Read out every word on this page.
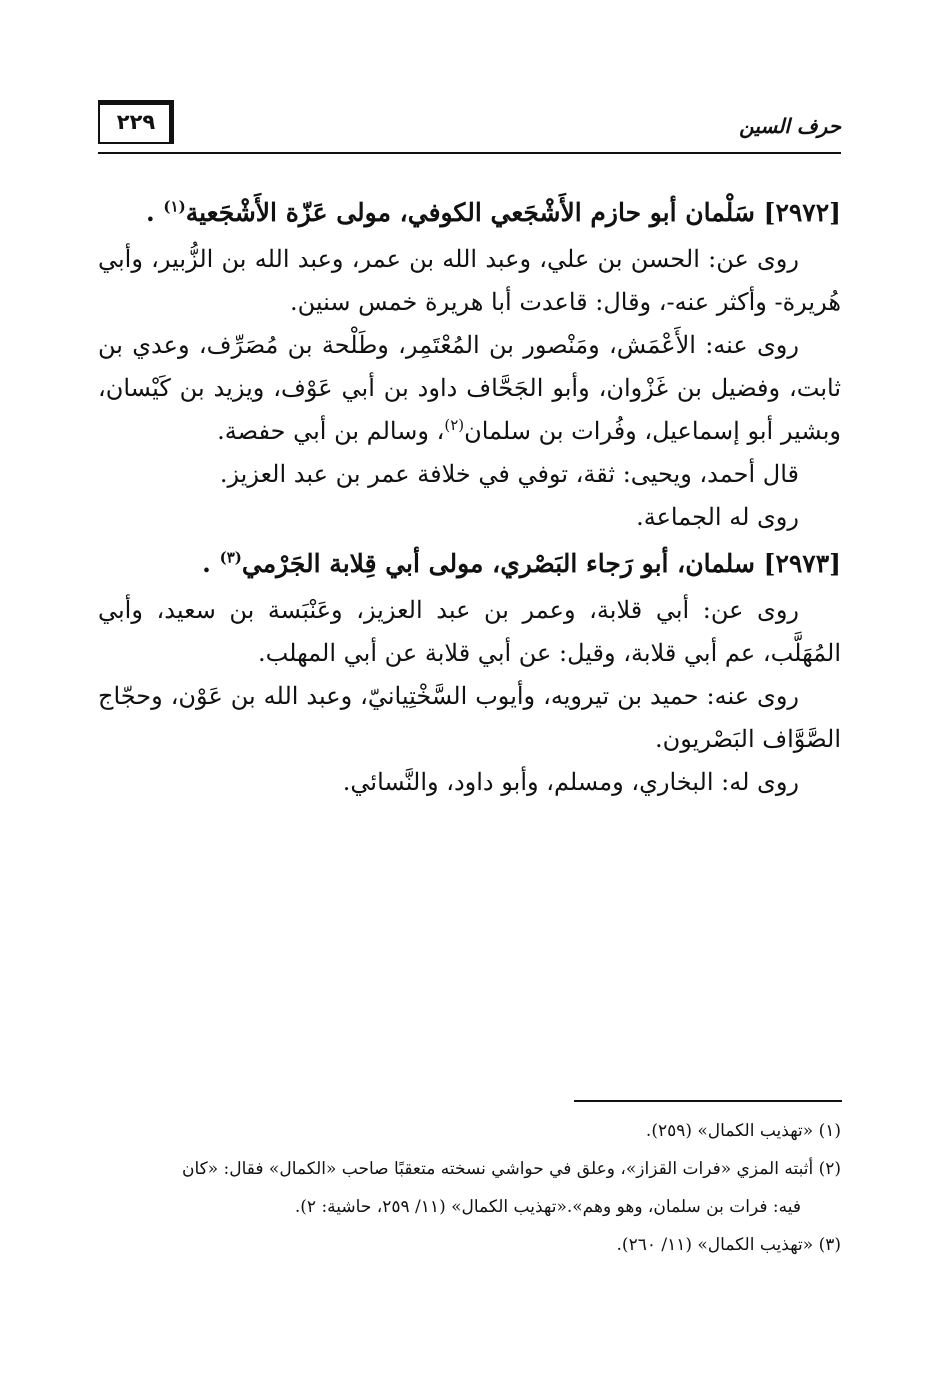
٢٢٩	حرف السين

[٢٩٧٢] سَلْمان أبو حازم الأَشْجَعي الكوفي، مولى عَزّة الأَشْجَعية$^{(١)}$ .

روى عن: الحسن بن علي، وعبد الله بن عمر، وعبد الله بن الزُّبير، وأبي هُريرة- وأكثر عنه-، وقال: قاعدت أبا هريرة خمس سنين.

روى عنه: الأَعْمَش، ومَنْصور بن المُعْتَمِر، وطَلْحة بن مُصَرِّف، وعدي بن ثابت، وفضيل بن غَزْوان، وأبو الجَحَّاف داود بن أبي عَوْف، ويزيد بن كَيْسان، وبشير أبو إسماعيل، وفُرات بن سلمان$^{(٢)}$، وسالم بن أبي حفصة.

قال أحمد، ويحيى: ثقة، توفي في خلافة عمر بن عبد العزيز.

روى له الجماعة.

[٢٩٧٣] سلمان، أبو رَجاء البَصْري، مولى أبي قِلابة الجَرْمي$^{(٣)}$ .

روى عن: أبي قلابة، وعمر بن عبد العزيز، وعَنْبَسة بن سعيد، وأبي المُهَلَّب، عم أبي قلابة، وقيل: عن أبي قلابة عن أبي المهلب.

روى عنه: حميد بن تيرويه، وأيوب السَّخْتِيانيّ، وعبد الله بن عَوْن، وحجّاج الصَّوَّاف البَصْريون.

روى له: البخاري، ومسلم، وأبو داود، والنَّسائي.

(١) «تهذيب الكمال» (٢٥٩).

(٢) أثبته المزي «فرات القزاز»، وعلق في حواشي نسخته متعقبًا صاحب «الكمال» فقال: «كان

فيه: فرات بن سلمان، وهو وهم».«تهذيب الكمال» (١١/ ٢٥٩، حاشية: ٢).

(٣) «تهذيب الكمال» (١١/ ٢٦٠).
